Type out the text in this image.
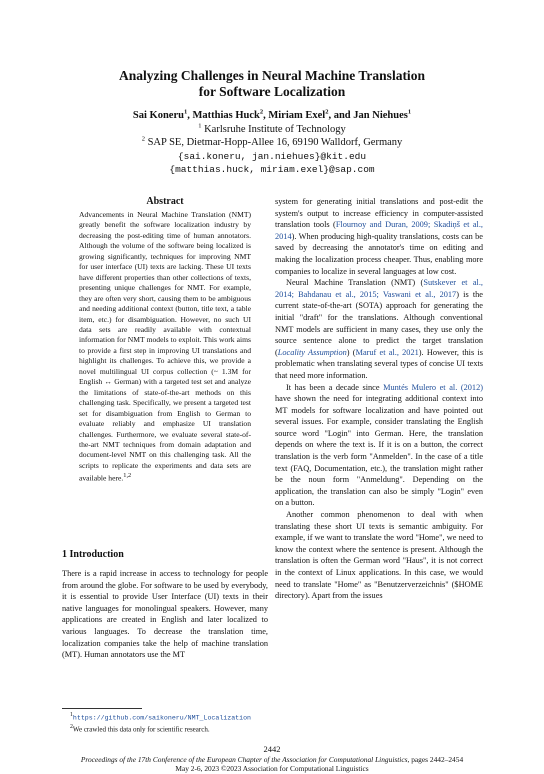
Analyzing Challenges in Neural Machine Translation
for Software Localization
Sai Koneru$^1$, Matthias Huck$^2$, Miriam Exel$^2$, and Jan Niehues$^1$
$^1$ Karlsruhe Institute of Technology
$^2$ SAP SE, Dietmar-Hopp-Allee 16, 69190 Walldorf, Germany
{sai.koneru, jan.niehues}@kit.edu
{matthias.huck, miriam.exel}@sap.com
Abstract

Advancements in Neural Machine Translation (NMT) greatly benefit the software localization industry by decreasing the post-editing time of human annotators. Although the volume of the software being localized is growing significantly, techniques for improving NMT for user interface (UI) texts are lacking. These UI texts have different properties than other collections of texts, presenting unique challenges for NMT. For example, they are often very short, causing them to be ambiguous and needing additional context (button, title text, a table item, etc.) for disambiguation. However, no such UI data sets are readily available with contextual information for NMT models to exploit. This work aims to provide a first step in improving UI translations and highlight its challenges. To achieve this, we provide a novel multilingual UI corpus collection (~ 1.3M for English ↔ German) with a targeted test set and analyze the limitations of state-of-the-art methods on this challenging task. Specifically, we present a targeted test set for disambiguation from English to German to evaluate reliably and emphasize UI translation challenges. Furthermore, we evaluate several state-of-the-art NMT techniques from domain adaptation and document-level NMT on this challenging task. All the scripts to replicate the experiments and data sets are available here.$^{1,2}$

1 Introduction

There is a rapid increase in access to technology for people from around the globe. For software to be used by everybody, it is essential to provide User Interface (UI) texts in their native languages for monolingual speakers. However, many applications are created in English and later localized to various languages. To decrease the translation time, localization companies take the help of machine translation (MT). Human annotators use the MT

$^1$https://github.com/saikoneru/NMT_Localization
$^2$We crawled this data only for scientific research.

system for generating initial translations and post-edit the system's output to increase efficiency in computer-assisted translation tools (Flournoy and Duran, 2009; Skadiņš et al., 2014). When producing high-quality translations, costs can be saved by decreasing the annotator's time on editing and making the localization process cheaper. Thus, enabling more companies to localize in several languages at low cost.

Neural Machine Translation (NMT) (Sutskever et al., 2014; Bahdanau et al., 2015; Vaswani et al., 2017) is the current state-of-the-art (SOTA) approach for generating the initial "draft" for the translations. Although conventional NMT models are sufficient in many cases, they use only the source sentence alone to predict the target translation (Locality Assumption) (Maruf et al., 2021). However, this is problematic when translating several types of concise UI texts that need more information.

It has been a decade since Muntés Mulero et al. (2012) have shown the need for integrating additional context into MT models for software localization and have pointed out several issues. For example, consider translating the English source word "Login" into German. Here, the translation depends on where the text is. If it is on a button, the correct translation is the verb form "Anmelden". In the case of a title text (FAQ, Documentation, etc.), the translation might rather be the noun form "Anmeldung". Depending on the application, the translation can also be simply "Login" even on a button.

Another common phenomenon to deal with when translating these short UI texts is semantic ambiguity. For example, if we want to translate the word "Home", we need to know the context where the sentence is present. Although the translation is often the German word "Haus", it is not correct in the context of Linux applications. In this case, we would need to translate "Home" as "Benutzerverzeichnis" ($HOME directory). Apart from the issues

2442
Proceedings of the 17th Conference of the European Chapter of the Association for Computational Linguistics, pages 2442–2454
May 2-6, 2023 ©2023 Association for Computational Linguistics
